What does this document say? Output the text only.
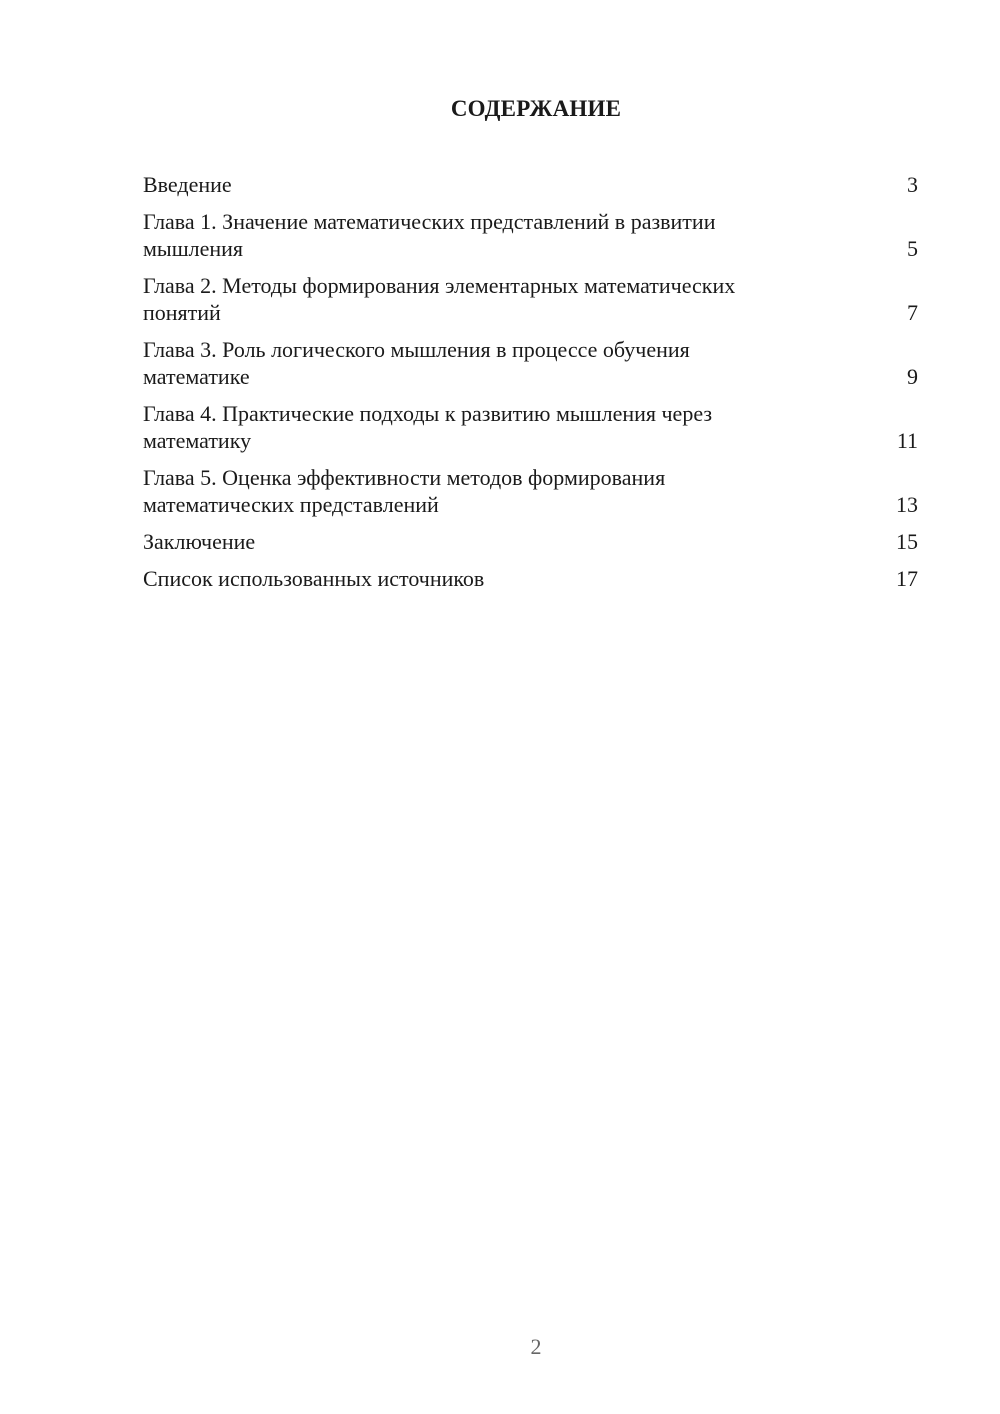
СОДЕРЖАНИЕ
Введение	3
Глава 1. Значение математических представлений в развитии
мышления	5
Глава 2. Методы формирования элементарных математических
понятий	7
Глава 3. Роль логического мышления в процессе обучения
математике	9
Глава 4. Практические подходы к развитию мышления через
математику	11
Глава 5. Оценка эффективности методов формирования
математических представлений	13
Заключение	15
Список использованных источников	17
2
